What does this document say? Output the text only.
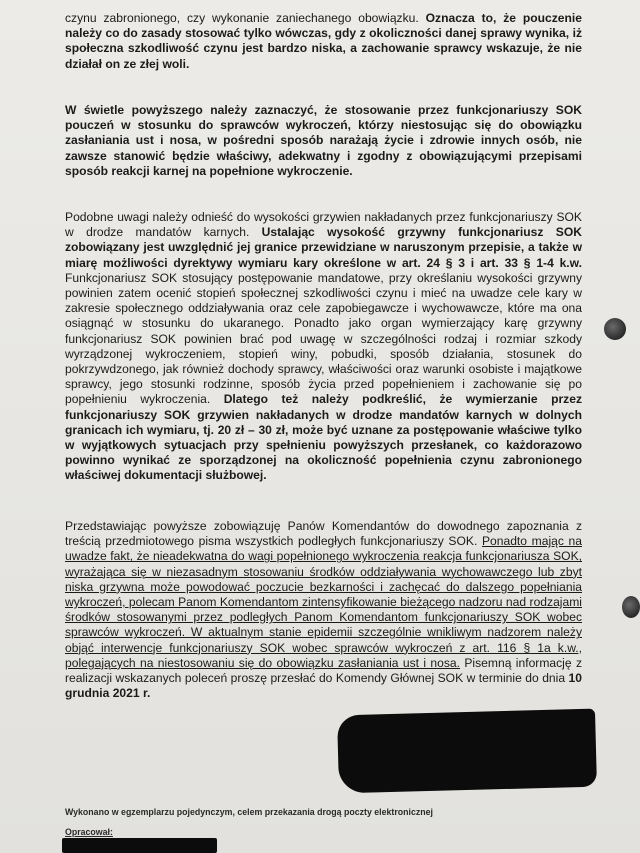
czynu zabronionego, czy wykonanie zaniechanego obowiązku. Oznacza to, że pouczenie należy co do zasady stosować tylko wówczas, gdy z okoliczności danej sprawy wynika, iż społeczna szkodliwość czynu jest bardzo niska, a zachowanie sprawcy wskazuje, że nie działał on ze złej woli.

W świetle powyższego należy zaznaczyć, że stosowanie przez funkcjonariuszy SOK pouczeń w stosunku do sprawców wykroczeń, którzy niestosując się do obowiązku zasłaniania ust i nosa, w pośredni sposób narażają życie i zdrowie innych osób, nie zawsze stanowić będzie właściwy, adekwatny i zgodny z obowiązującymi przepisami sposób reakcji karnej na popełnione wykroczenie.

Podobne uwagi należy odnieść do wysokości grzywien nakładanych przez funkcjonariuszy SOK w drodze mandatów karnych. Ustalając wysokość grzywny funkcjonariusz SOK zobowiązany jest uwzględnić jej granice przewidziane w naruszonym przepisie, a także w miarę możliwości dyrektywy wymiaru kary określone w art. 24 § 3 i art. 33 § 1-4 k.w. Funkcjonariusz SOK stosujący postępowanie mandatowe, przy określaniu wysokości grzywny powinien zatem ocenić stopień społecznej szkodliwości czynu i mieć na uwadze cele kary w zakresie społecznego oddziaływania oraz cele zapobiegawcze i wychowawcze, które ma ona osiągnąć w stosunku do ukaranego. Ponadto jako organ wymierzający karę grzywny funkcjonariusz SOK powinien brać pod uwagę w szczególności rodzaj i rozmiar szkody wyrządzonej wykroczeniem, stopień winy, pobudki, sposób działania, stosunek do pokrzywdzonego, jak również dochody sprawcy, właściwości oraz warunki osobiste i majątkowe sprawcy, jego stosunki rodzinne, sposób życia przed popełnieniem i zachowanie się po popełnieniu wykroczenia. Dlatego też należy podkreślić, że wymierzanie przez funkcjonariuszy SOK grzywien nakładanych w drodze mandatów karnych w dolnych granicach ich wymiaru, tj. 20 zł – 30 zł, może być uznane za postępowanie właściwe tylko w wyjątkowych sytuacjach przy spełnieniu powyższych przesłanek, co każdorazowo powinno wynikać ze sporządzonej na okoliczność popełnienia czynu zabronionego właściwej dokumentacji służbowej.

Przedstawiając powyższe zobowiązuję Panów Komendantów do dowodnego zapoznania z treścią przedmiotowego pisma wszystkich podległych funkcjonariuszy SOK. Ponadto mając na uwadze fakt, że nieadekwatna do wagi popełnionego wykroczenia reakcja funkcjonariusza SOK, wyrażająca się w niezasadnym stosowaniu środków oddziaływania wychowawczego lub zbyt niska grzywna może powodować poczucie bezkarności i zachęcać do dalszego popełniania wykroczeń, polecam Panom Komendantom zintensyfikowanie bieżącego nadzoru nad rodzajami środków stosowanymi przez podległych Panom Komendantom funkcjonariuszy SOK wobec sprawców wykroczeń. W aktualnym stanie epidemii szczególnie wnikliwym nadzorem należy objąć interwencje funkcjonariuszy SOK wobec sprawców wykroczeń z art. 116 § 1a k.w., polegających na niestosowaniu się do obowiązku zasłaniania ust i nosa. Pisemną informację z realizacji wskazanych poleceń proszę przesłać do Komendy Głównej SOK w terminie do dnia 10 grudnia 2021 r.

Wykonano w egzemplarzu pojedynczym, celem przekazania drogą poczty elektronicznej
Opracował:
